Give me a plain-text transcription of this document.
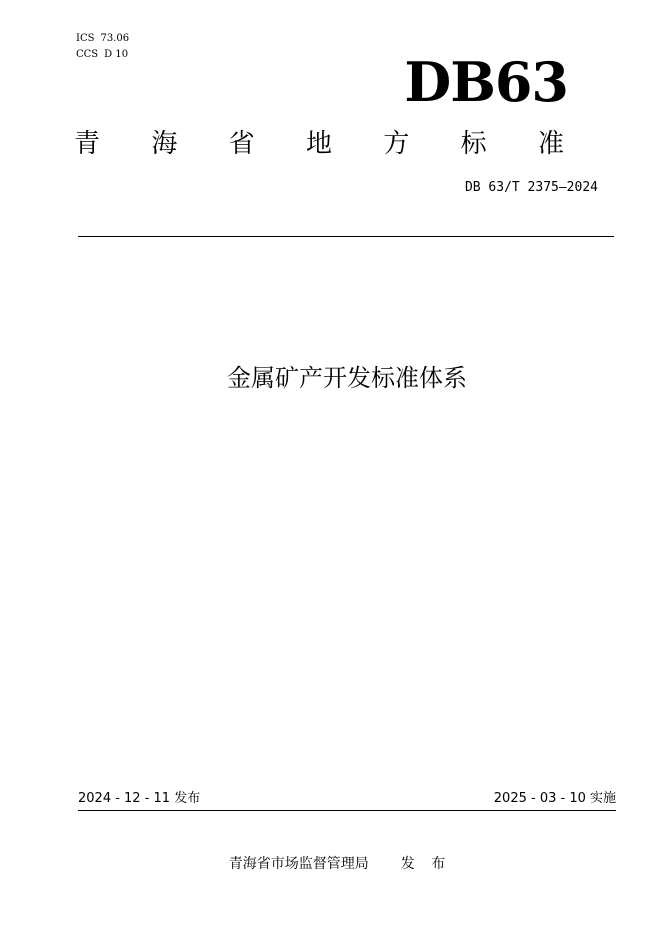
ICS 73.06
CCS D 10	DB63
青 海 省 地 方 标 准
DB 63/T 2375—2024
金属矿产开发标准体系
2024 - 12 - 11 发布	2025 - 03 - 10 实施
青海省市场监督管理局 发 布
